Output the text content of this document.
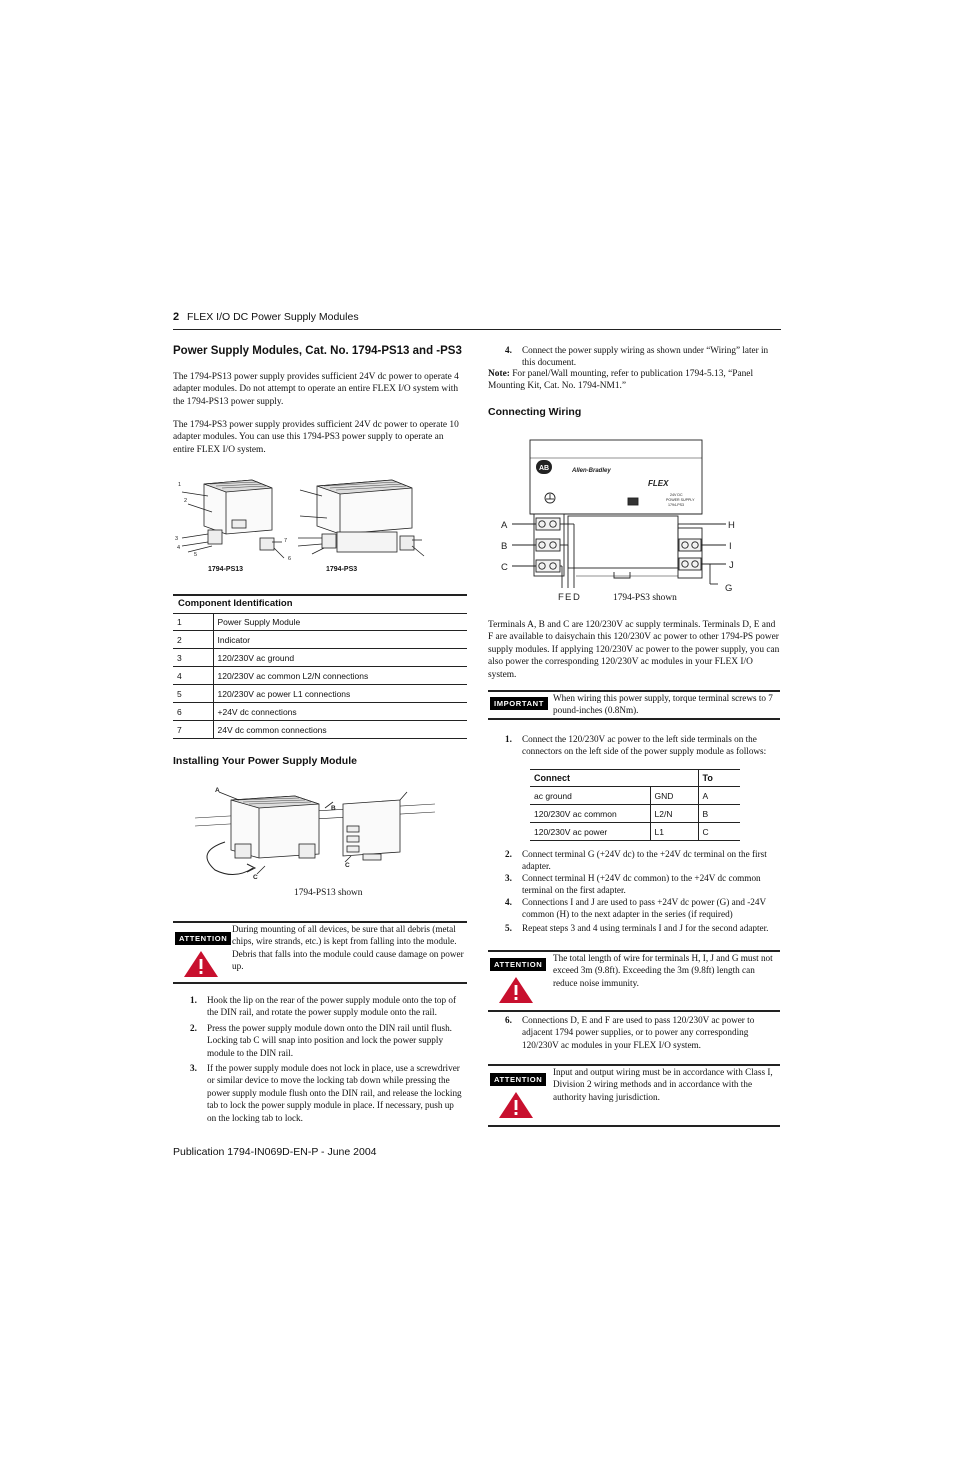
2 FLEX I/O DC Power Supply Modules
Power Supply Modules, Cat. No. 1794-PS13 and -PS3

The 1794-PS13 power supply provides sufficient 24V dc power to operate 4 adapter modules. Do not attempt to operate an entire FLEX I/O system with the 1794-PS13 power supply.

The 1794-PS3 power supply provides sufficient 24V dc power to operate 10 adapter modules. You can use this 1794-PS3 power supply to operate an entire FLEX I/O system.

1
2
3
4
5
6
7
1794-PS13	1794-PS3
Component Identification
1	Power Supply Module
2	Indicator
3	120/230V ac ground
4	120/230V ac common L2/N connections
5	120/230V ac power L1 connections
6	+24V dc connections
7	24V dc common connections
Installing Your Power Supply Module
A
B
C
C
1794-PS13 shown
ATTENTION
During mounting of all devices, be sure that all debris (metal chips, wire strands, etc.) is kept from falling into the module. Debris that falls into the module could cause damage on power up.
1. Hook the lip on the rear of the power supply module onto the top of the DIN rail, and rotate the power supply module onto the rail.
2. Press the power supply module down onto the DIN rail until flush. Locking tab C will snap into position and lock the power supply module to the DIN rail.
3. If the power supply module does not lock in place, use a screwdriver or similar device to move the locking tab down while pressing the power supply module flush onto the DIN rail, and release the locking tab to lock the power supply module in place. If necessary, push up on the locking tab to lock.
4. Connect the power supply wiring as shown under “Wiring” later in this document.

Note: For panel/Wall mounting, refer to publication 1794-5.13, “Panel Mounting Kit, Cat. No. 1794-NM1.”

Connecting Wiring
AB	Allen-Bradley
FLEX
24V DC
POWER SUPPLY
1794-PS3
A
B
C
H
I
J
G
F E D	1794-PS3 shown

Terminals A, B and C are 120/230V ac supply terminals. Terminals D, E and F are available to daisychain this 120/230V ac power to other 1794-PS power supply modules. If applying 120/230V ac power to the power supply, you can also power the corresponding 120/230V ac modules in your FLEX I/O system.

IMPORTANT
When wiring this power supply, torque terminal screws to 7 pound-inches (0.8Nm).
1. Connect the 120/230V ac power to the left side terminals on the connectors on the left side of the power supply module as follows:
Connect		To
ac ground	GND	A
120/230V ac common	L2/N	B
120/230V ac power	L1	C
2. Connect terminal G (+24V dc) to the +24V dc terminal on the first adapter.
3. Connect terminal H (+24V dc common) to the +24V dc common terminal on the first adapter.
4. Connections I and J are used to pass +24V dc power (G) and -24V common (H) to the next adapter in the series (if required)
5. Repeat steps 3 and 4 using terminals I and J for the second adapter.
ATTENTION
The total length of wire for terminals H, I, J and G must not exceed 3m (9.8ft). Exceeding the 3m (9.8ft) length can reduce noise immunity.
6. Connections D, E and F are used to pass 120/230V ac power to adjacent 1794 power supplies, or to power any corresponding 120/230V ac modules in your FLEX I/O system.
ATTENTION
Input and output wiring must be in accordance with Class I, Division 2 wiring methods and in accordance with the authority having jurisdiction.
Publication 1794-IN069D-EN-P - June 2004
